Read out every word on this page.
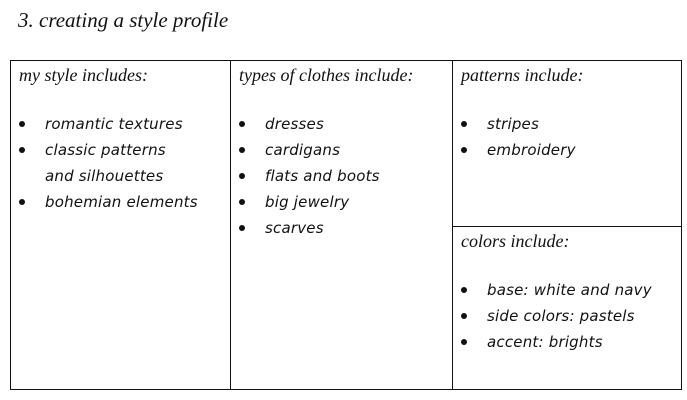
3. creating a style profile
my style includes:
romantic textures
classic patterns
and silhouettes
bohemian elements
types of clothes include:
dresses
cardigans
flats and boots
big jewelry
scarves
patterns include:
stripes
embroidery
colors include:
base: white and navy
side colors: pastels
accent: brights
